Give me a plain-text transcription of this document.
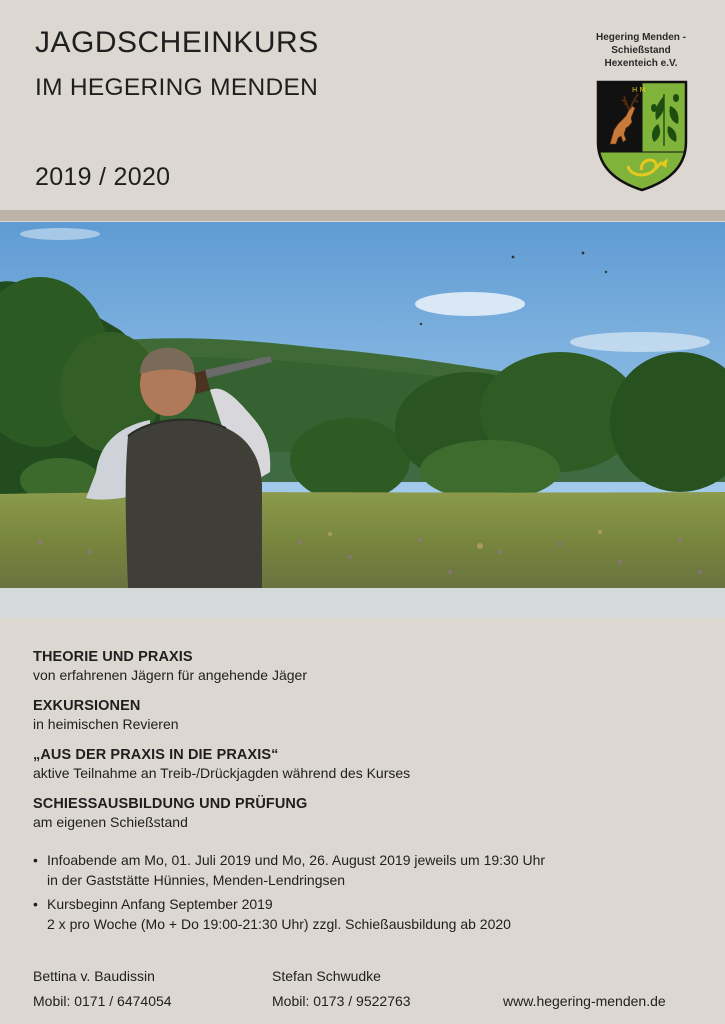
JAGDSCHEINKURS
IM HEGERING MENDEN
2019 / 2020
Hegering Menden -
Schießstand
Hexenteich e.V.
H M
THEORIE UND PRAXIS
von erfahrenen Jägern für angehende Jäger
EXKURSIONEN
in heimischen Revieren
„AUS DER PRAXIS IN DIE PRAXIS“
aktive Teilnahme an Treib-/Drückjagden während des Kurses
SCHIESSAUSBILDUNG UND PRÜFUNG
am eigenen Schießstand
• Infoabende am Mo, 01. Juli 2019 und Mo, 26. August 2019 jeweils um 19:30 Uhr
in der Gaststätte Hünnies, Menden-Lendringsen
• Kursbeginn Anfang September 2019
2 x pro Woche (Mo + Do 19:00-21:30 Uhr) zzgl. Schießausbildung ab 2020
Bettina v. Baudissin
Mobil: 0171 / 6474054
Stefan Schwudke
Mobil: 0173 / 9522763	www.hegering-menden.de
